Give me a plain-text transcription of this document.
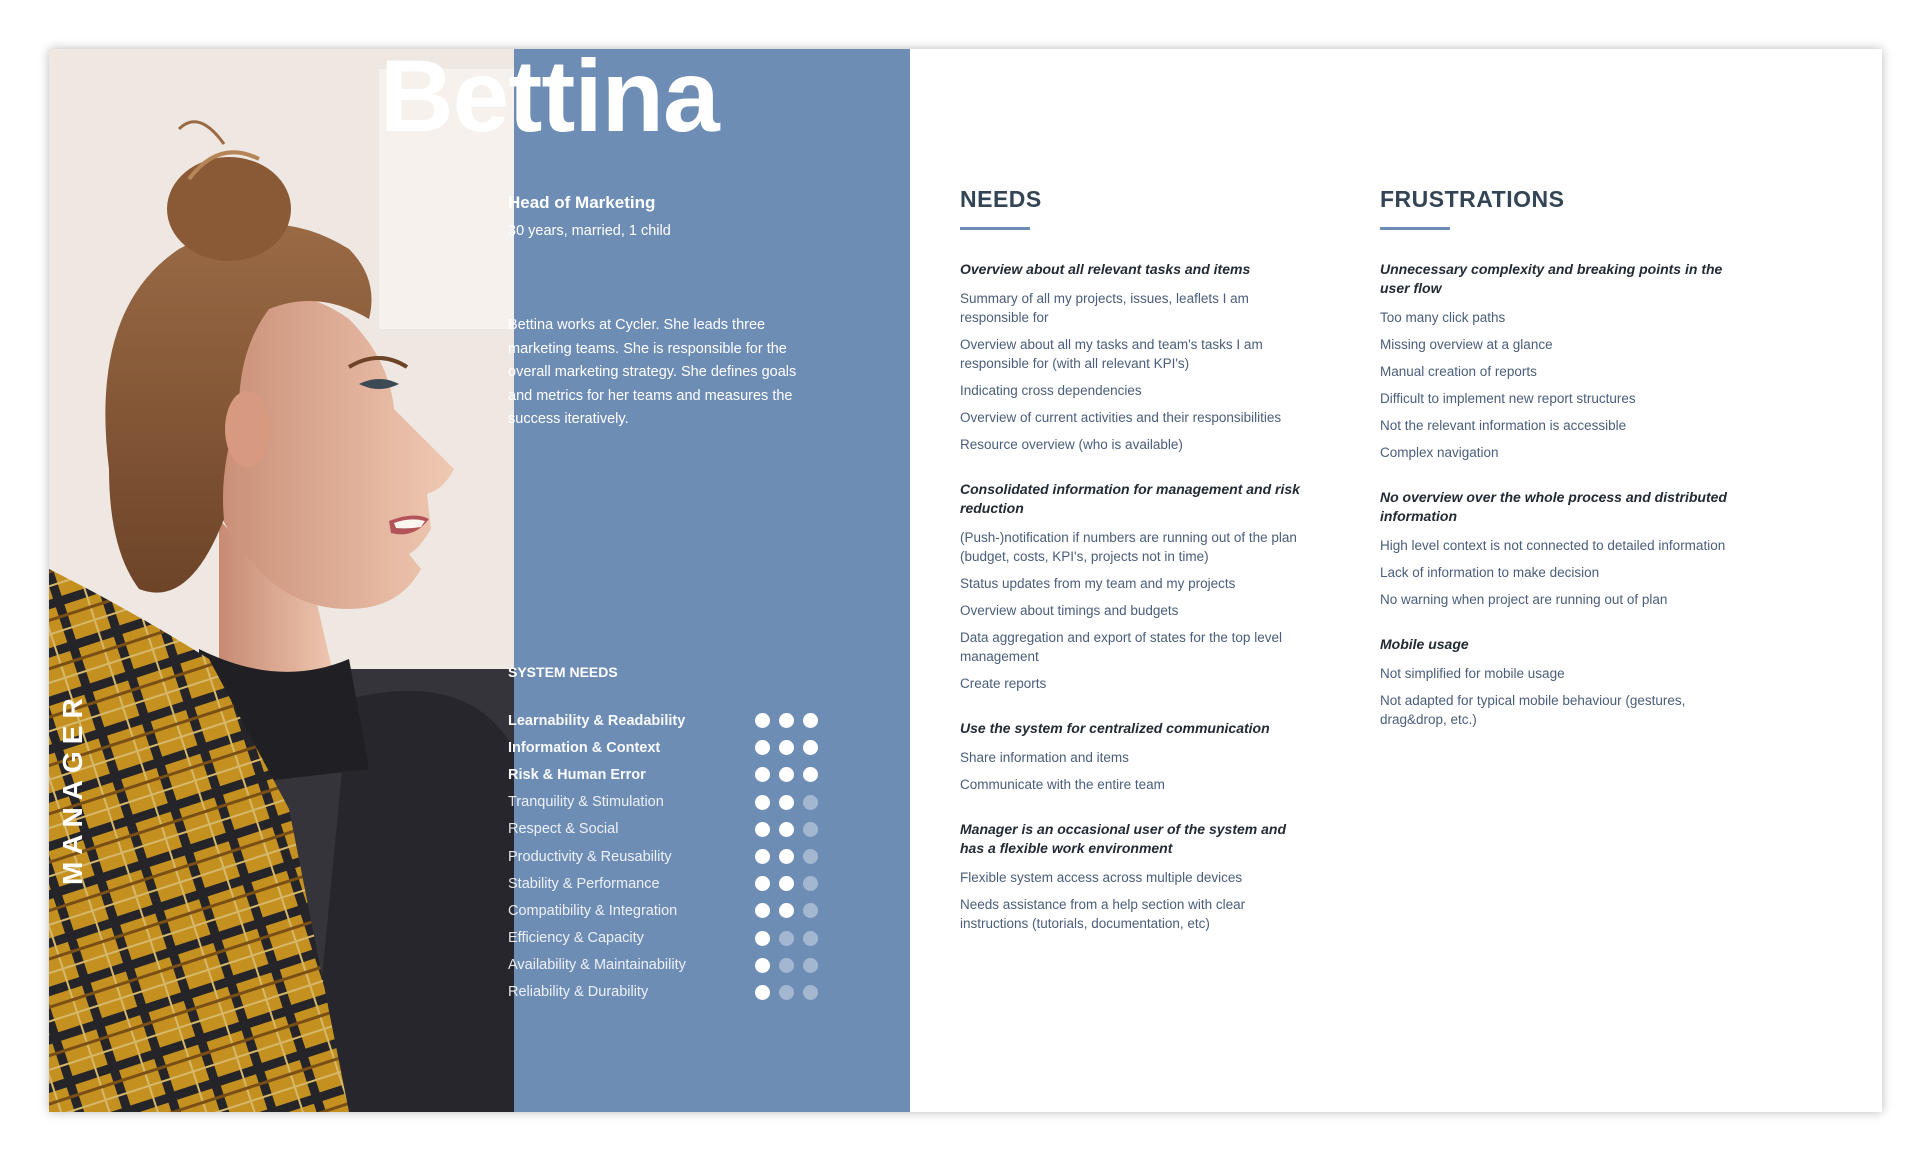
MANAGER
Bettina
Head of Marketing
30 years, married, 1 child
Bettina works at Cycler. She leads three marketing teams. She is responsible for the overall marketing strategy. She defines goals and metrics for her teams and measures the success iteratively.
SYSTEM NEEDS
Learnability & Readability
Information & Context
Risk & Human Error
Tranquility & Stimulation
Respect & Social
Productivity & Reusability
Stability & Performance
Compatibility & Integration
Efficiency & Capacity
Availability & Maintainability
Reliability & Durability
NEEDS
Overview about all relevant tasks and items
Summary of all my projects, issues, leaflets I am responsible for
Overview about all my tasks and team's tasks I am responsible for (with all relevant KPI's)
Indicating cross dependencies
Overview of current activities and their responsibilities
Resource overview (who is available)
Consolidated information for management and risk reduction
(Push-)notification if numbers are running out of the plan (budget, costs, KPI's, projects not in time)
Status updates from my team and my projects
Overview about timings and budgets
Data aggregation and export of states for the top level management
Create reports
Use the system for centralized communication
Share information and items
Communicate with the entire team
Manager is an occasional user of the system and has a flexible work environment
Flexible system access across multiple devices
Needs assistance from a help section with clear instructions (tutorials, documentation, etc)
FRUSTRATIONS
Unnecessary complexity and breaking points in the user flow
Too many click paths
Missing overview at a glance
Manual creation of reports
Difficult to implement new report structures
Not the relevant information is accessible
Complex navigation
No overview over the whole process and distributed information
High level context is not connected to detailed information
Lack of information to make decision
No warning when project are running out of plan
Mobile usage
Not simplified for mobile usage
Not adapted for typical mobile behaviour (gestures, drag&drop, etc.)
